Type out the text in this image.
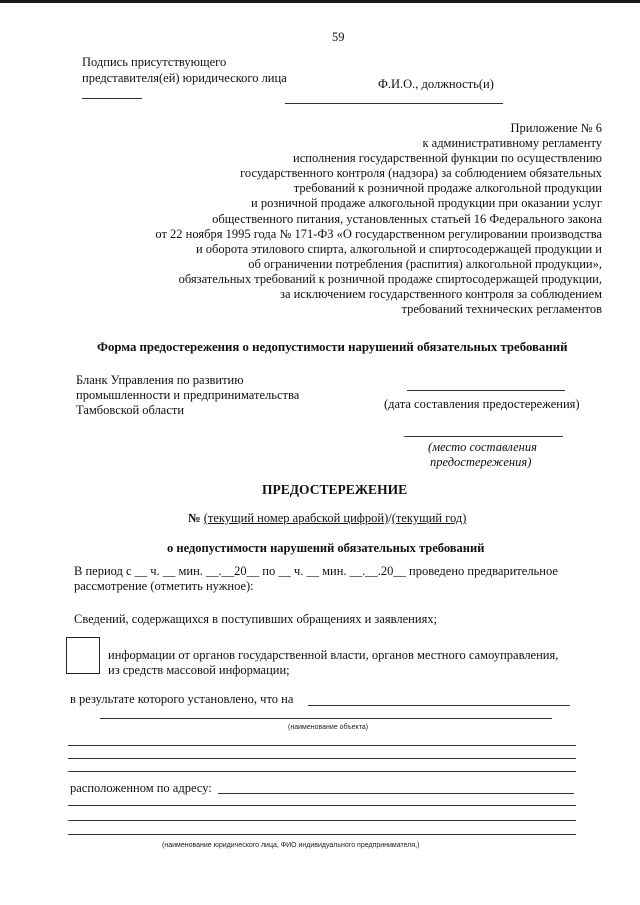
59
Подпись присутствующего
представителя(ей) юридического лица	Ф.И.О., должность(и)
Приложение № 6
к административному регламенту
исполнения государственной функции по осуществлению
государственного контроля (надзора) за соблюдением обязательных
требований к розничной продаже алкогольной продукции
и розничной продаже алкогольной продукции при оказании услуг
общественного питания, установленных статьей 16 Федерального закона
от 22 ноября 1995 года № 171-ФЗ «О государственном регулировании производства
и оборота этилового спирта, алкогольной и спиртосодержащей продукции и
об ограничении потребления (распития) алкогольной продукции»,
обязательных требований к розничной продаже спиртосодержащей продукции,
за исключением государственного контроля за соблюдением
требований технических регламентов
Форма предостережения о недопустимости нарушений обязательных требований
Бланк Управления по развитию
промышленности и предпринимательства
Тамбовской области	(дата составления предостережения)
(место составления
предостережения)
ПРЕДОСТЕРЕЖЕНИЕ
№ (текущий номер арабской цифрой)/(текущий год)
о недопустимости нарушений обязательных требований
В период с __ ч. __ мин. __.__20__ по __ ч. __ мин. __.__.20__ проведено предварительное
рассмотрение (отметить нужное):
Сведений, содержащихся в поступивших обращениях и заявлениях;
информации от органов государственной власти, органов местного самоуправления,
из средств массовой информации;
в результате которого установлено, что на
(наименование объекта)
расположенном по адресу:
(наименование юридического лица, ФИО индивидуального предпринимателя,)
